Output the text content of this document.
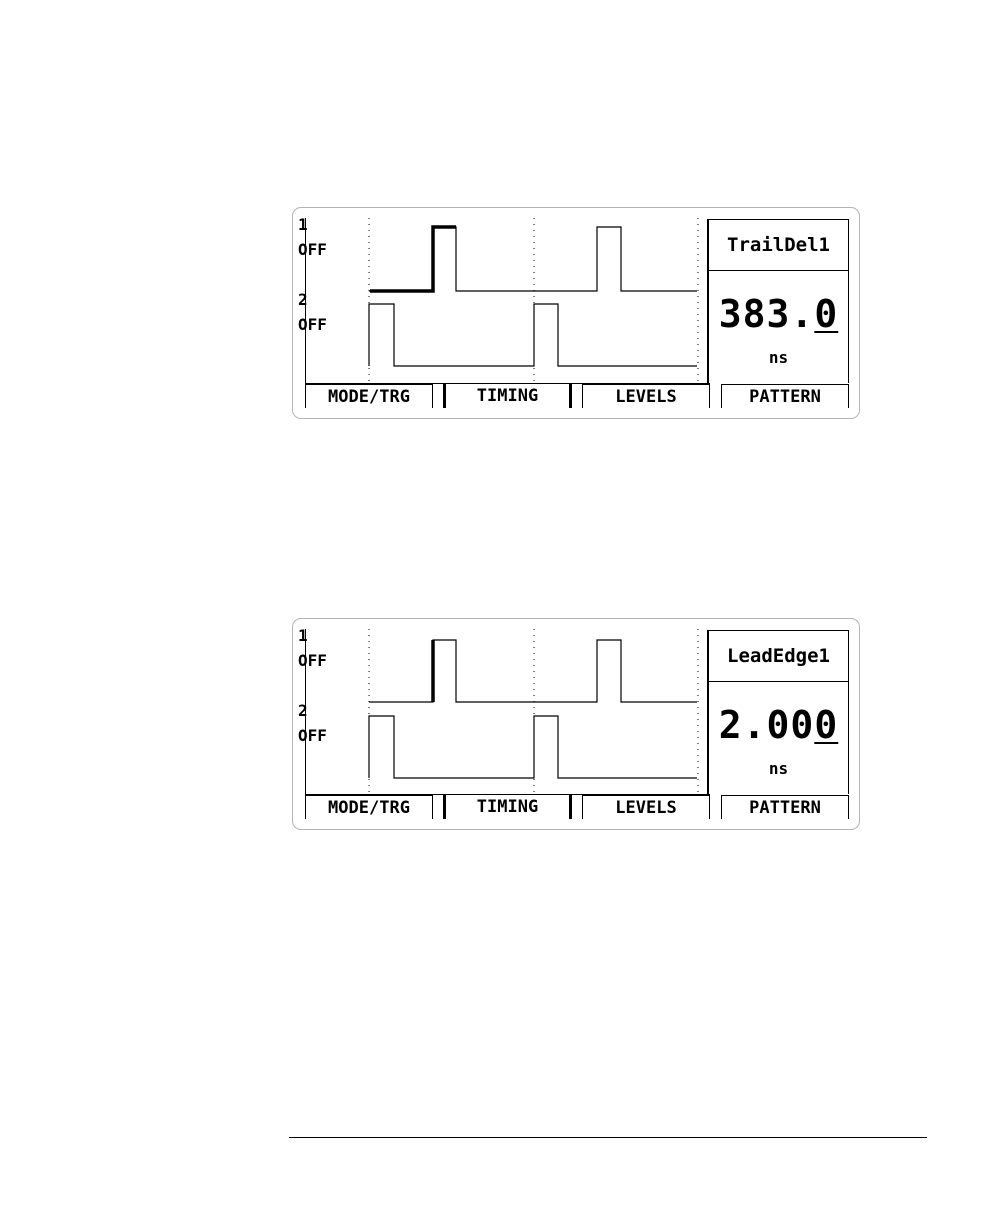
1
OFF
2
OFF
TrailDel1
383.0
ns
MODE/TRG	TIMING	LEVELS	PATTERN
1
OFF
2
OFF
LeadEdge1
2.000
ns
MODE/TRG	TIMING	LEVELS	PATTERN
